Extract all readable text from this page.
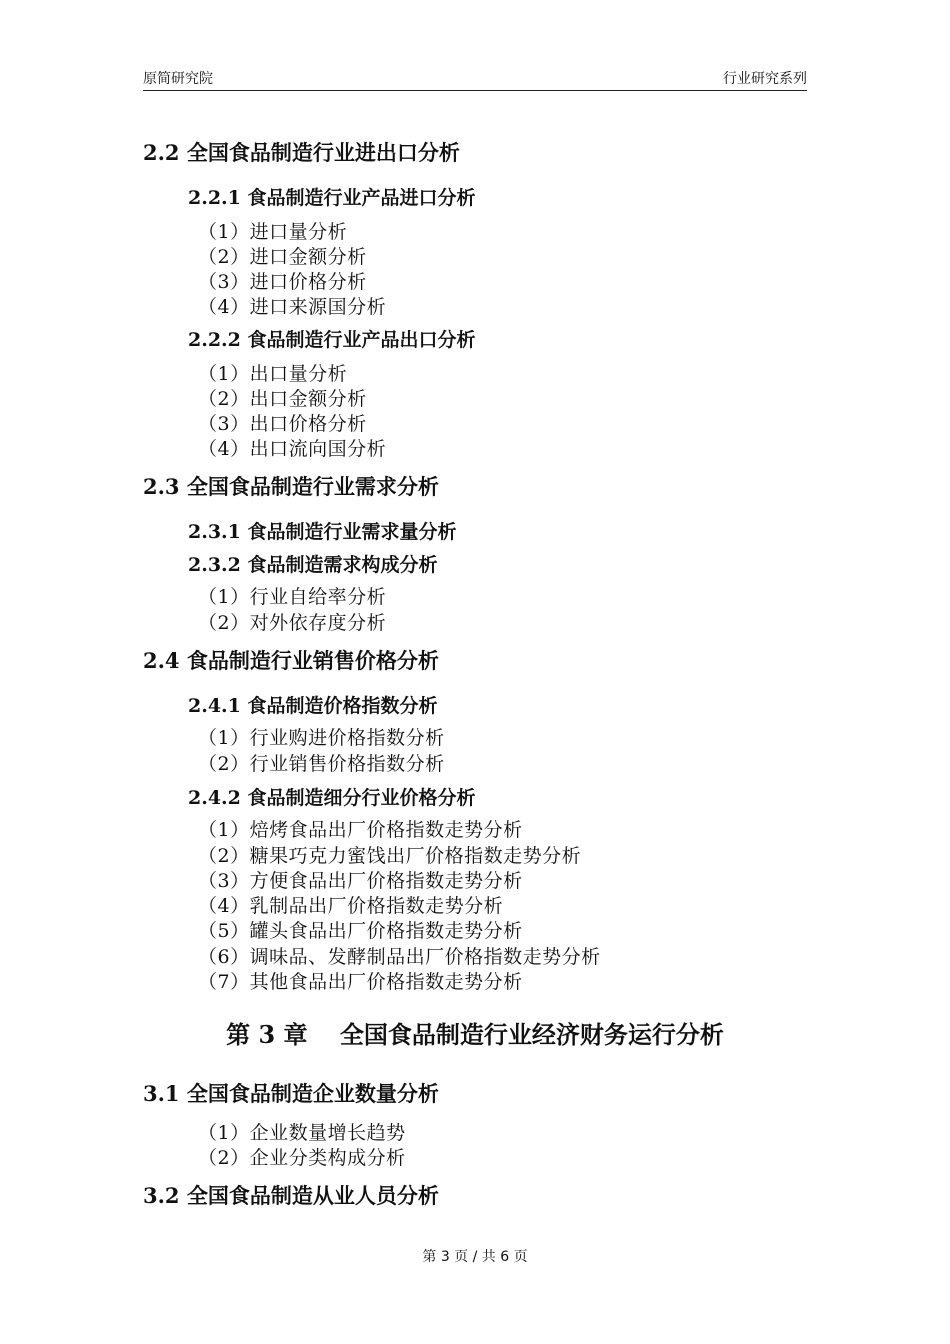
原简研究院	行业研究系列
2.2 全国食品制造行业进出口分析
2.2.1 食品制造行业产品进口分析
（1）进口量分析
（2）进口金额分析
（3）进口价格分析
（4）进口来源国分析
2.2.2 食品制造行业产品出口分析
（1）出口量分析
（2）出口金额分析
（3）出口价格分析
（4）出口流向国分析
2.3 全国食品制造行业需求分析
2.3.1 食品制造行业需求量分析
2.3.2 食品制造需求构成分析
（1）行业自给率分析
（2）对外依存度分析
2.4 食品制造行业销售价格分析
2.4.1 食品制造价格指数分析
（1）行业购进价格指数分析
（2）行业销售价格指数分析
2.4.2 食品制造细分行业价格分析
（1）焙烤食品出厂价格指数走势分析
（2）糖果巧克力蜜饯出厂价格指数走势分析
（3）方便食品出厂价格指数走势分析
（4）乳制品出厂价格指数走势分析
（5）罐头食品出厂价格指数走势分析
（6）调味品、发酵制品出厂价格指数走势分析
（7）其他食品出厂价格指数走势分析
第 3 章　 全国食品制造行业经济财务运行分析
3.1 全国食品制造企业数量分析
（1）企业数量增长趋势
（2）企业分类构成分析
3.2 全国食品制造从业人员分析
第 3 页 / 共 6 页
